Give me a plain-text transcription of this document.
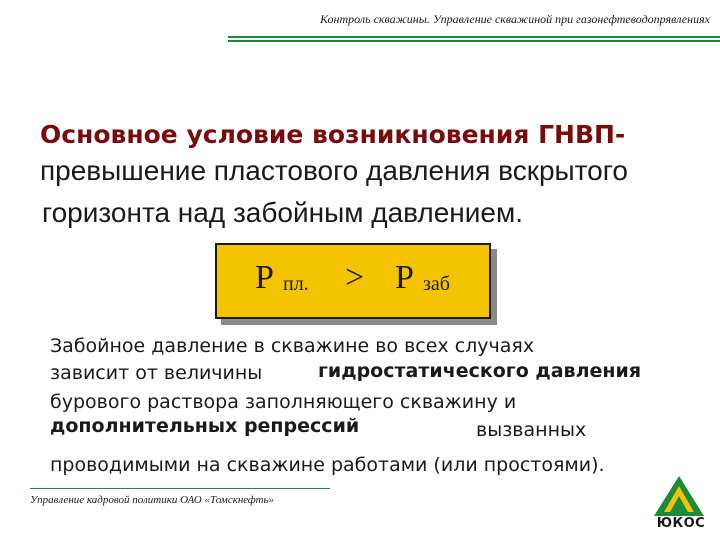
Контроль скважины. Управление скважиной при газонефтеводопрявлениях
Основное условие возникновения ГНВП-
превышение пластового давления вскрытого
горизонта над забойным давлением.
Р пл. > Р заб
Забойное давление в скважине во всех случаях
зависит от величины	гидростатического давления
бурового раствора заполняющего скважину и
дополнительных репрессий	вызванных
проводимыми на скважине работами (или простоями).
Управление кадровой политики ОАО «Томскнефть»
ЮКОС
